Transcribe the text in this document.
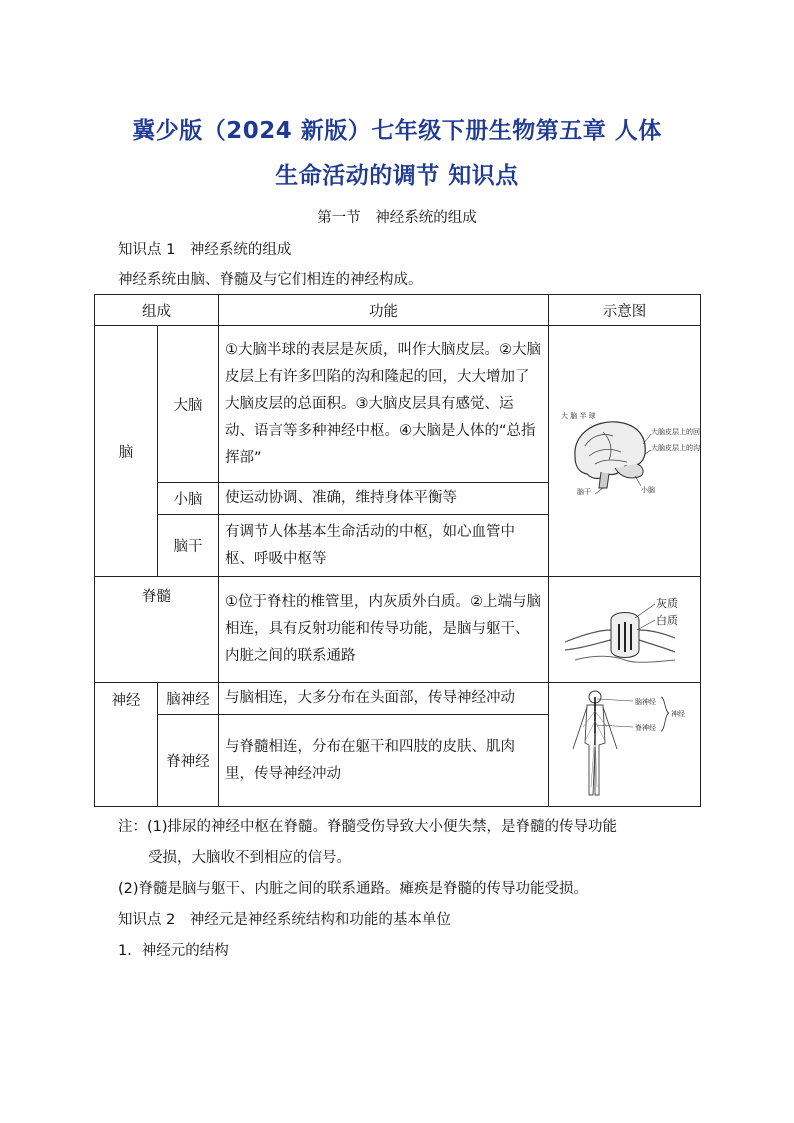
冀少版（2024 新版）七年级下册生物第五章 人体
生命活动的调节 知识点
第一节　神经系统的组成
知识点 1　神经系统的组成
神经系统由脑、脊髓及与它们相连的神经构成。
组成		功能	示意图
脑	大脑	①大脑半球的表层是灰质，叫作大脑皮层。②大脑皮层上有许多凹陷的沟和隆起的回，大大增加了大脑皮层的总面积。③大脑皮层具有感觉、运动、语言等多种神经中枢。④大脑是人体的“总指挥部”	大 脑 半 球
大脑皮层上的回
大脑皮层上的沟
脑干 小脑

	小脑	使运动协调、准确，维持身体平衡等	
	脑干	有调节人体基本生命活动的中枢，如心血管中枢、呼吸中枢等	
脊髓		①位于脊柱的椎管里，内灰质外白质。②上端与脑相连，具有反射功能和传导功能，是脑与躯干、内脏之间的联系通路	灰质
白质

神经	脑神经	与脑相连，大多分布在头面部，传导神经冲动	脑神经
脊神经
神经

	脊神经	与脊髓相连，分布在躯干和四肢的皮肤、肌肉里，传导神经冲动	
注：(1)排尿的神经中枢在脊髓。脊髓受伤导致大小便失禁，是脊髓的传导功能
受损，大脑收不到相应的信号。
(2)脊髓是脑与躯干、内脏之间的联系通路。瘫痪是脊髓的传导功能受损。
知识点 2　神经元是神经系统结构和功能的基本单位
1．神经元的结构
